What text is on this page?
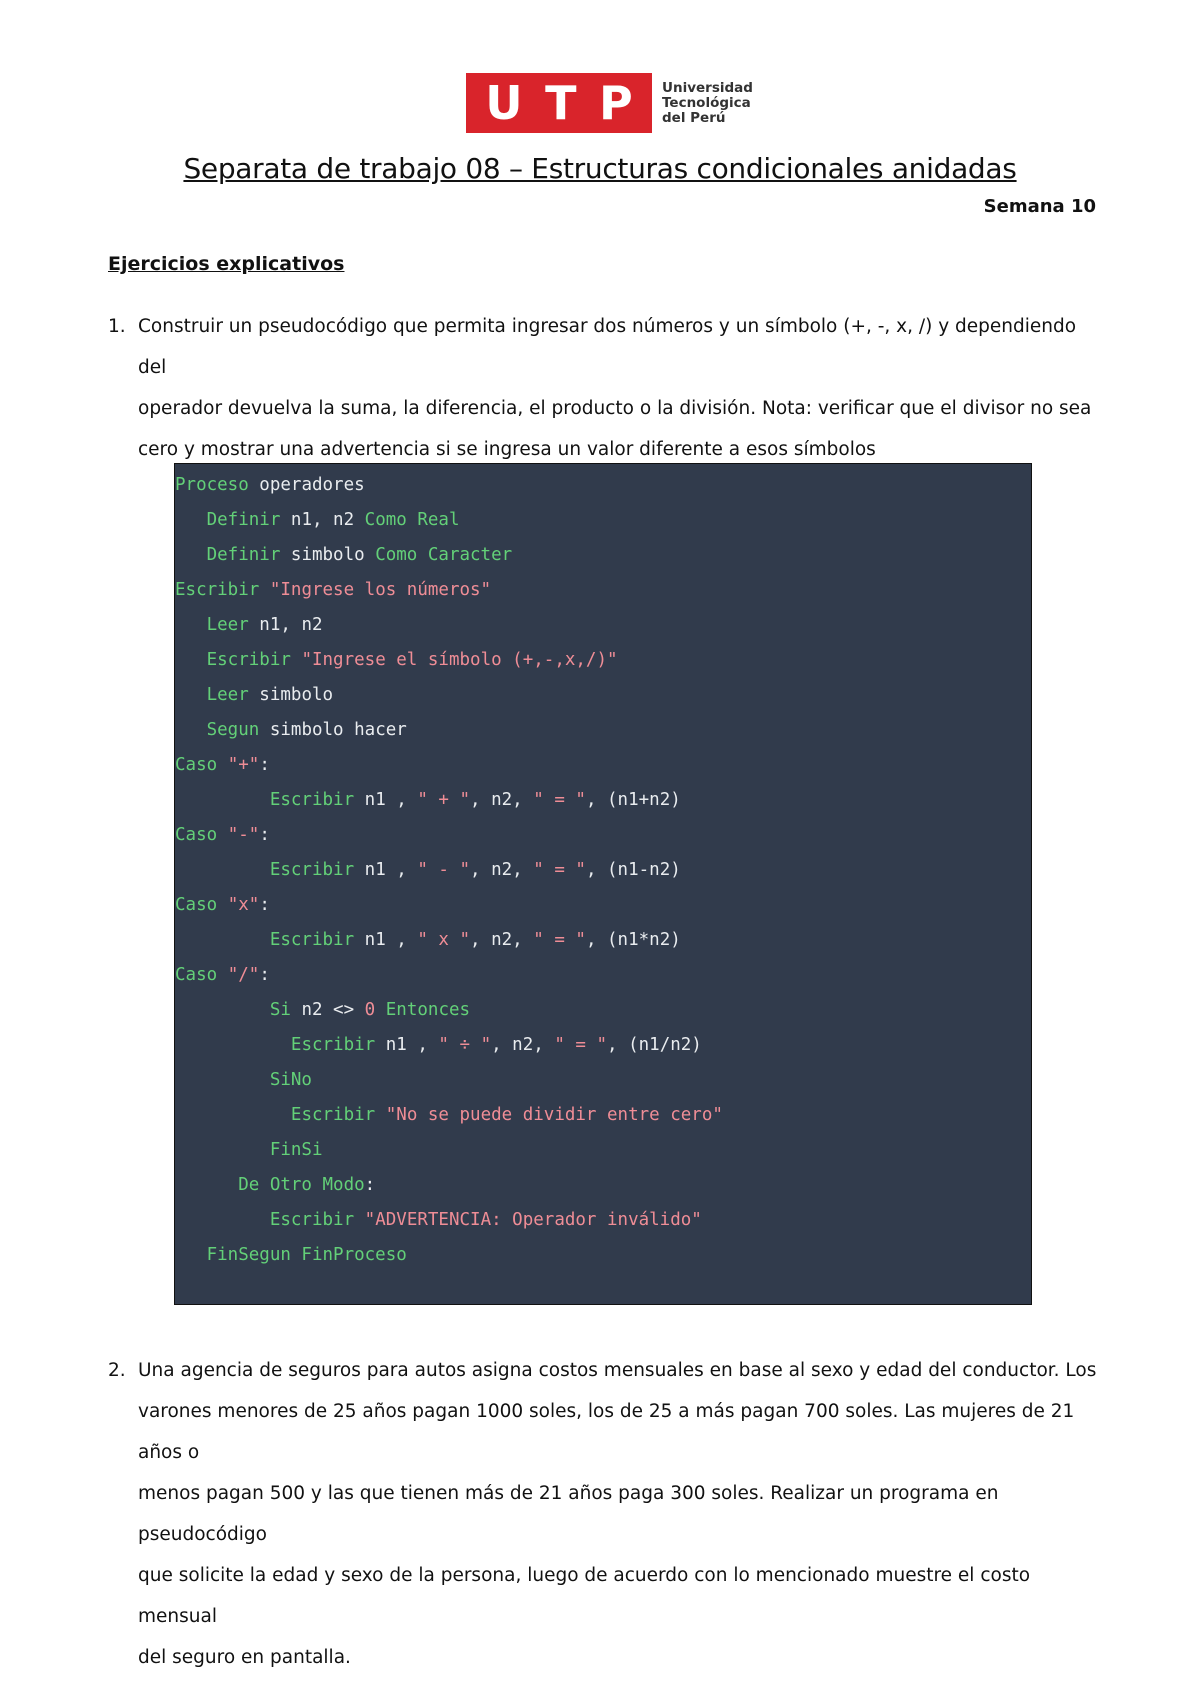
U T P Universidad
Tecnológica
del Perú
Separata de trabajo 08 – Estructuras condicionales anidadas
Semana 10
Ejercicios explicativos
1. Construir un pseudocódigo que permita ingresar dos números y un símbolo (+, -, x, /) y dependiendo del
operador devuelva la suma, la diferencia, el producto o la división. Nota: verificar que el divisor no sea
cero y mostrar una advertencia si se ingresa un valor diferente a esos símbolos
Proceso operadores
Definir n1, n2 Como Real
Definir simbolo Como Caracter
Escribir "Ingrese los números"
Leer n1, n2
Escribir "Ingrese el símbolo (+,-,x,/)"
Leer simbolo
Segun simbolo hacer
Caso "+":
Escribir n1 , " + ", n2, " = ", (n1+n2)
Caso "-":
Escribir n1 , " - ", n2, " = ", (n1-n2)
Caso "x":
Escribir n1 , " x ", n2, " = ", (n1*n2)
Caso "/":
Si n2 <> 0 Entonces
Escribir n1 , " ÷ ", n2, " = ", (n1/n2)
SiNo
Escribir "No se puede dividir entre cero"
FinSi
De Otro Modo:
Escribir "ADVERTENCIA: Operador inválido"
FinSegun FinProceso
2. Una agencia de seguros para autos asigna costos mensuales en base al sexo y edad del conductor. Los
varones menores de 25 años pagan 1000 soles, los de 25 a más pagan 700 soles. Las mujeres de 21 años o
menos pagan 500 y las que tienen más de 21 años paga 300 soles. Realizar un programa en pseudocódigo
que solicite la edad y sexo de la persona, luego de acuerdo con lo mencionado muestre el costo mensual
del seguro en pantalla.
